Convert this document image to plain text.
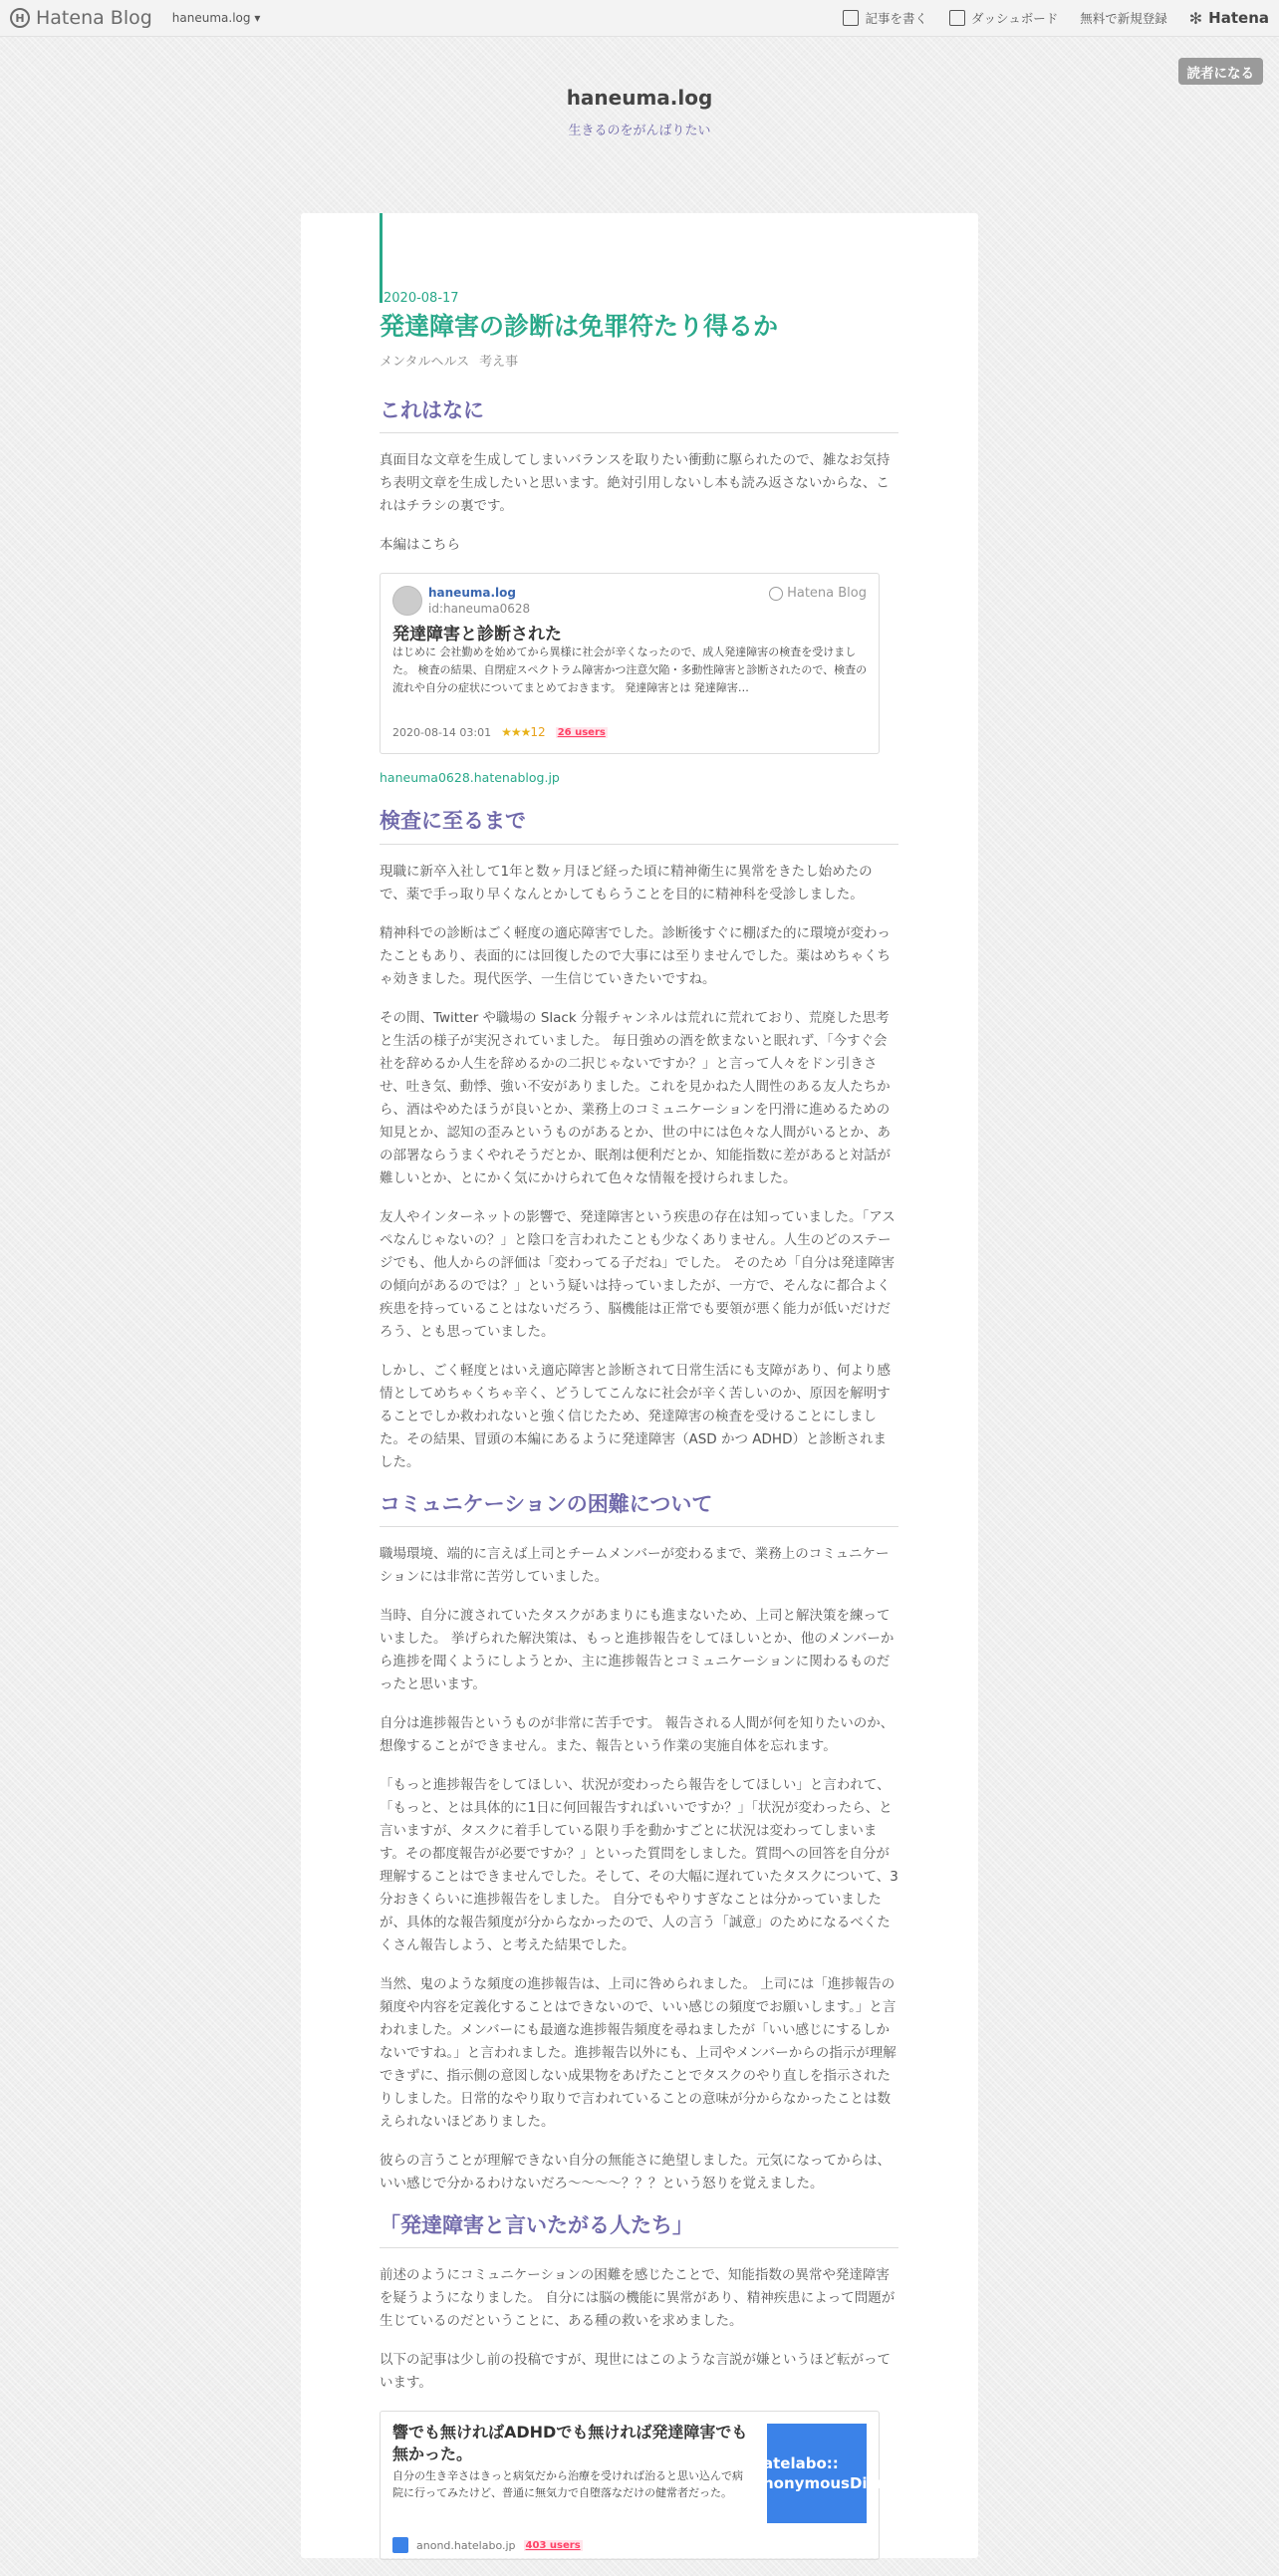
H Hatena Blog haneuma.log ▾	記事を書く	ダッシュボード 無料で新規登録 ✻ Hatena
読者になる
haneuma.log
生きるのをがんばりたい
2020-08-17
発達障害の診断は免罪符たり得るか
メンタルヘルス 考え事
これはなに

真面目な文章を生成してしまいバランスを取りたい衝動に駆られたので、雑なお気持ち表明文章を生成したいと思います。絶対引用しないし本も読み返さないからな、これはチラシの裏です。

本編はこちら

haneuma.log
id:haneuma0628
Hatena Blog
発達障害と診断された
はじめに 会社勤めを始めてから異様に社会が辛くなったので、成人発達障害の検査を受けました。 検査の結果、自閉症スペクトラム障害かつ注意欠陥・多動性障害と診断されたので、検査の流れや自分の症状についてまとめておきます。 発達障害とは 発達障害…
2020-08-14 03:01 ★★★12 26 users
haneuma0628.hatenablog.jp
検査に至るまで

現職に新卒入社して1年と数ヶ月ほど経った頃に精神衛生に異常をきたし始めたので、薬で手っ取り早くなんとかしてもらうことを目的に精神科を受診しました。

精神科での診断はごく軽度の適応障害でした。診断後すぐに棚ぼた的に環境が変わったこともあり、表面的には回復したので大事には至りませんでした。薬はめちゃくちゃ効きました。現代医学、一生信じていきたいですね。

その間、Twitter や職場の Slack 分報チャンネルは荒れに荒れており、荒廃した思考と生活の様子が実況されていました。 毎日強めの酒を飲まないと眠れず、「今すぐ会社を辞めるか人生を辞めるかの二択じゃないですか？」と言って人々をドン引きさせ、吐き気、動悸、強い不安がありました。これを見かねた人間性のある友人たちから、酒はやめたほうが良いとか、業務上のコミュニケーションを円滑に進めるための知見とか、認知の歪みというものがあるとか、世の中には色々な人間がいるとか、あの部署ならうまくやれそうだとか、眠剤は便利だとか、知能指数に差があると対話が難しいとか、とにかく気にかけられて色々な情報を授けられました。

友人やインターネットの影響で、発達障害という疾患の存在は知っていました。「アスペなんじゃないの？」と陰口を言われたことも少なくありません。人生のどのステージでも、他人からの評価は「変わってる子だね」でした。 そのため「自分は発達障害の傾向があるのでは？」という疑いは持っていましたが、一方で、そんなに都合よく疾患を持っていることはないだろう、脳機能は正常でも要領が悪く能力が低いだけだろう、とも思っていました。

しかし、ごく軽度とはいえ適応障害と診断されて日常生活にも支障があり、何より感情としてめちゃくちゃ辛く、どうしてこんなに社会が辛く苦しいのか、原因を解明することでしか救われないと強く信じたため、発達障害の検査を受けることにしました。その結果、冒頭の本編にあるように発達障害（ASD かつ ADHD）と診断されました。

コミュニケーションの困難について

職場環境、端的に言えば上司とチームメンバーが変わるまで、業務上のコミュニケーションには非常に苦労していました。

当時、自分に渡されていたタスクがあまりにも進まないため、上司と解決策を練っていました。 挙げられた解決策は、もっと進捗報告をしてほしいとか、他のメンバーから進捗を聞くようにしようとか、主に進捗報告とコミュニケーションに関わるものだったと思います。

自分は進捗報告というものが非常に苦手です。 報告される人間が何を知りたいのか、想像することができません。また、報告という作業の実施自体を忘れます。

「もっと進捗報告をしてほしい、状況が変わったら報告をしてほしい」と言われて、「もっと、とは具体的に1日に何回報告すればいいですか？」「状況が変わったら、と言いますが、タスクに着手している限り手を動かすごとに状況は変わってしまいます。その都度報告が必要ですか？」といった質問をしました。質問への回答を自分が理解することはできませんでした。そして、その大幅に遅れていたタスクについて、3分おきくらいに進捗報告をしました。 自分でもやりすぎなことは分かっていましたが、具体的な報告頻度が分からなかったので、人の言う「誠意」のためになるべくたくさん報告しよう、と考えた結果でした。

当然、鬼のような頻度の進捗報告は、上司に咎められました。 上司には「進捗報告の頻度や内容を定義化することはできないので、いい感じの頻度でお願いします。」と言われました。メンバーにも最適な進捗報告頻度を尋ねましたが「いい感じにするしかないですね。」と言われました。進捗報告以外にも、上司やメンバーからの指示が理解できずに、指示側の意図しない成果物をあげたことでタスクのやり直しを指示されたりしました。日常的なやり取りで言われていることの意味が分からなかったことは数えられないほどありました。

彼らの言うことが理解できない自分の無能さに絶望しました。元気になってからは、いい感じで分かるわけないだろ〜〜〜〜？？？という怒りを覚えました。

「発達障害と言いたがる人たち」

前述のようにコミュニケーションの困難を感じたことで、知能指数の異常や発達障害を疑うようになりました。 自分には脳の機能に異常があり、精神疾患によって問題が生じているのだということに、ある種の救いを求めました。

以下の記事は少し前の投稿ですが、現世にはこのような言説が嫌というほど転がっています。

響でも無ければADHDでも無ければ発達障害でも無かった。
自分の生き辛さはきっと病気だから治療を受ければ治ると思い込んで病院に行ってみたけど、普通に無気力で自堕落なだけの健常者だった。
atelabo::
nonymousDiar
anond.hatelabo.jp 403 users
